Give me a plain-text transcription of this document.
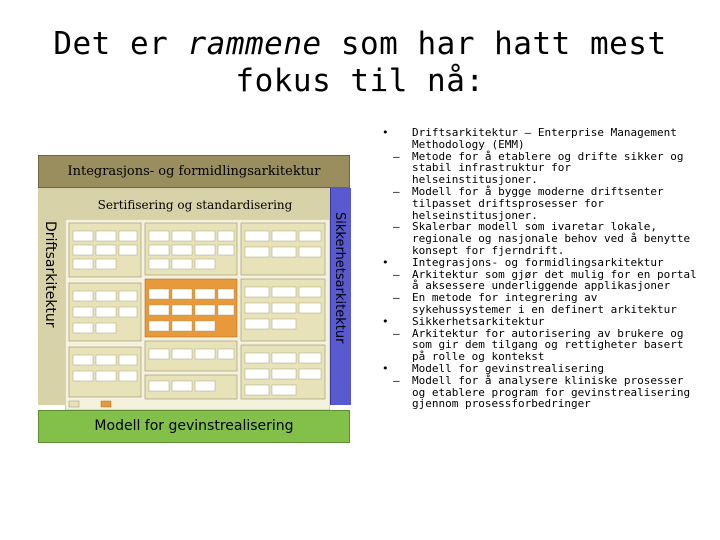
Det er rammene som har hatt mest fokus til nå:
Integrasjons- og formidlingsarkitektur
Sertifisering og standardisering
Driftsarkitektur	Sikkerhetsarkitektur
Modell for gevinstrealisering
• Driftsarkitektur – Enterprise Management Methodology (EMM)
– Metode for å etablere og drifte sikker og stabil infrastruktur for helseinstitusjoner.
– Modell for å bygge moderne driftsenter tilpasset driftsprosesser for helseinstitusjoner.
– Skalerbar modell som ivaretar lokale, regionale og nasjonale behov ved å benytte konsept for fjerndrift.
• Integrasjons- og formidlingsarkitektur
– Arkitektur som gjør det mulig for en portal å aksessere underliggende applikasjoner
– En metode for integrering av sykehussystemer i en definert arkitektur
• Sikkerhetsarkitektur
– Arkitektur for autorisering av brukere og som gir dem tilgang og rettigheter basert på rolle og kontekst
• Modell for gevinstrealisering
– Modell for å analysere kliniske prosesser og etablere program for gevinstrealisering gjennom prosessforbedringer
